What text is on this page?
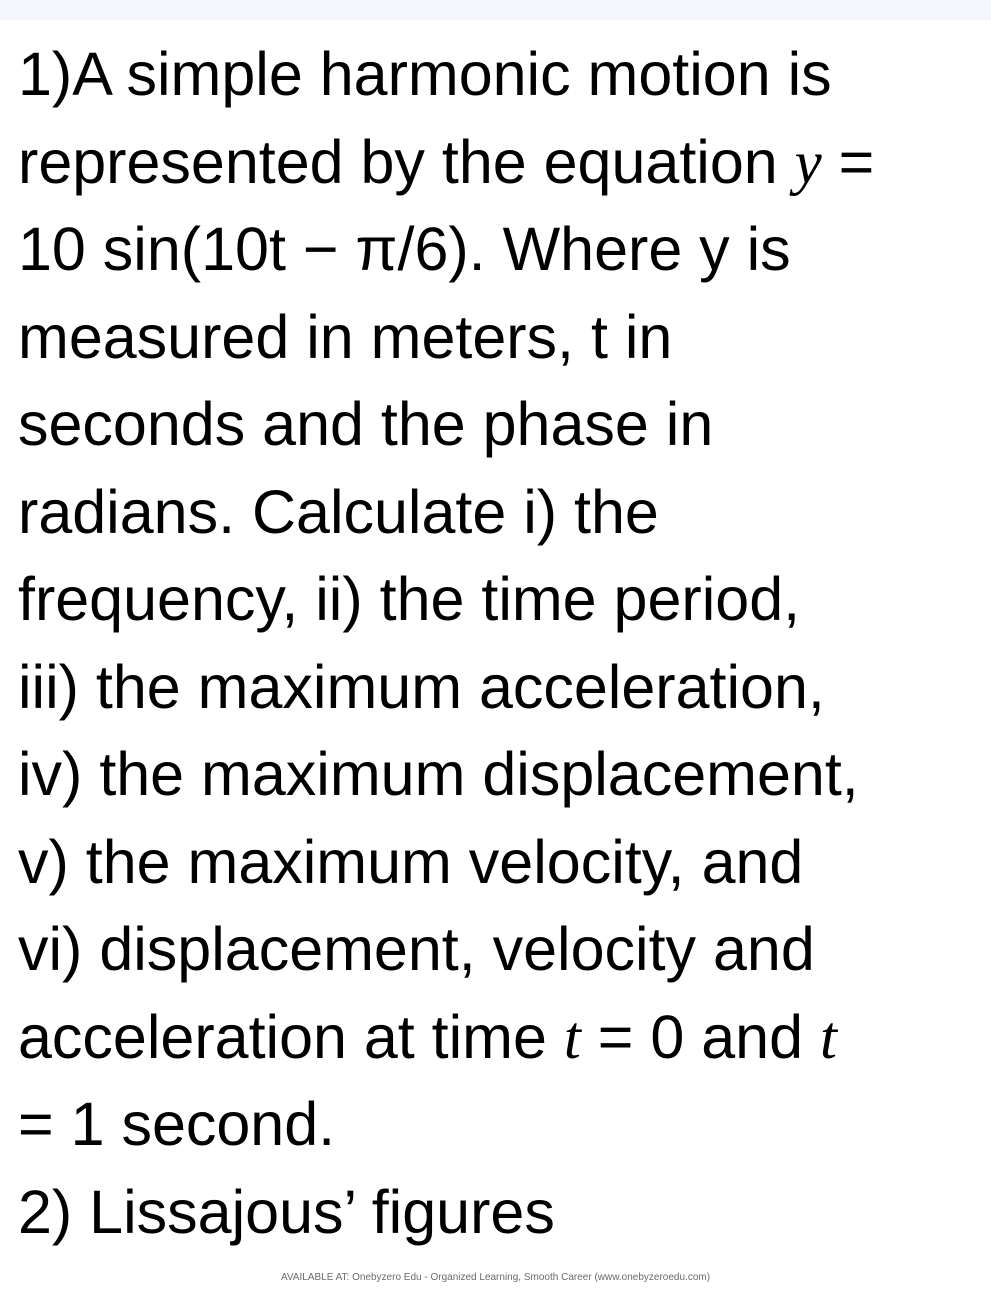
1)A simple harmonic motion is
represented by the equation y =
10 sin(10t − π/6). Where y is
measured in meters, t in
seconds and the phase in
radians. Calculate i) the
frequency, ii) the time period,
iii) the maximum acceleration,
iv) the maximum displacement,
v) the maximum velocity, and
vi) displacement, velocity and
acceleration at time t = 0 and t
= 1 second.
2) Lissajous’ figures
AVAILABLE AT: Onebyzero Edu - Organized Learning, Smooth Career (www.onebyzeroedu.com)
